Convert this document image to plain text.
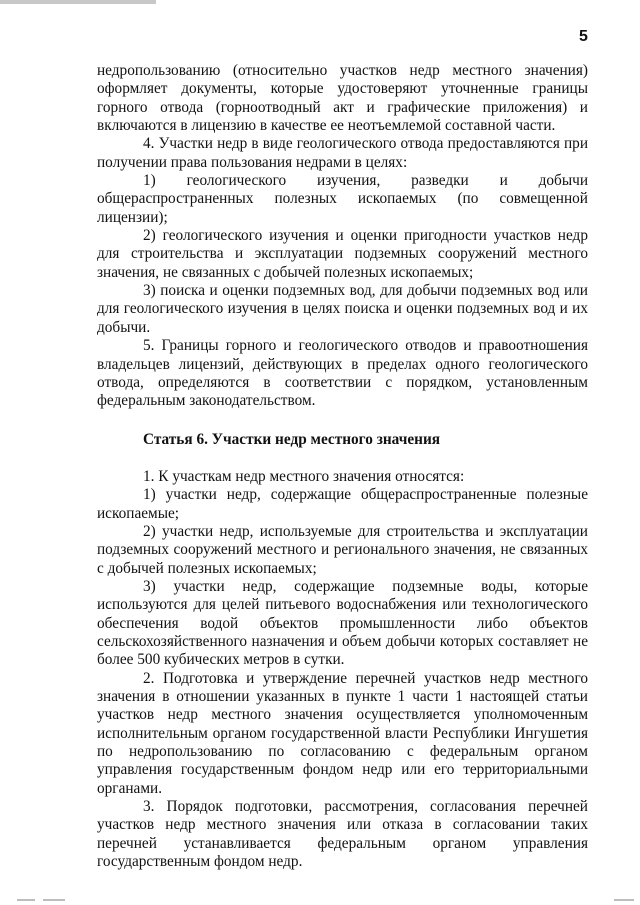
5

недропользованию (относительно участков недр местного значения) оформляет документы, которые удостоверяют уточненные границы горного отвода (горноотводный акт и графические приложения) и включаются в лицензию в качестве ее неотъемлемой составной части.

4. Участки недр в виде геологического отвода предоставляются при получении права пользования недрами в целях:

1) геологического изучения, разведки и добычи общераспространенных полезных ископаемых (по совмещенной лицензии);

2) геологического изучения и оценки пригодности участков недр для строительства и эксплуатации подземных сооружений местного значения, не связанных с добычей полезных ископаемых;

3) поиска и оценки подземных вод, для добычи подземных вод или для геологического изучения в целях поиска и оценки подземных вод и их добычи.

5. Границы горного и геологического отводов и правоотношения владельцев лицензий, действующих в пределах одного геологического отвода, определяются в соответствии с порядком, установленным федеральным законодательством.

Статья 6. Участки недр местного значения

1. К участкам недр местного значения относятся:

1) участки недр, содержащие общераспространенные полезные ископаемые;

2) участки недр, используемые для строительства и эксплуатации подземных сооружений местного и регионального значения, не связанных с добычей полезных ископаемых;

3) участки недр, содержащие подземные воды, которые используются для целей питьевого водоснабжения или технологического обеспечения водой объектов промышленности либо объектов сельскохозяйственного назначения и объем добычи которых составляет не более 500 кубических метров в сутки.

2. Подготовка и утверждение перечней участков недр местного значения в отношении указанных в пункте 1 части 1 настоящей статьи участков недр местного значения осуществляется уполномоченным исполнительным органом государственной власти Республики Ингушетия по недропользованию по согласованию с федеральным органом управления государственным фондом недр или его территориальными органами.

3. Порядок подготовки, рассмотрения, согласования перечней участков недр местного значения или отказа в согласовании таких перечней устанавливается федеральным органом управления государственным фондом недр.
